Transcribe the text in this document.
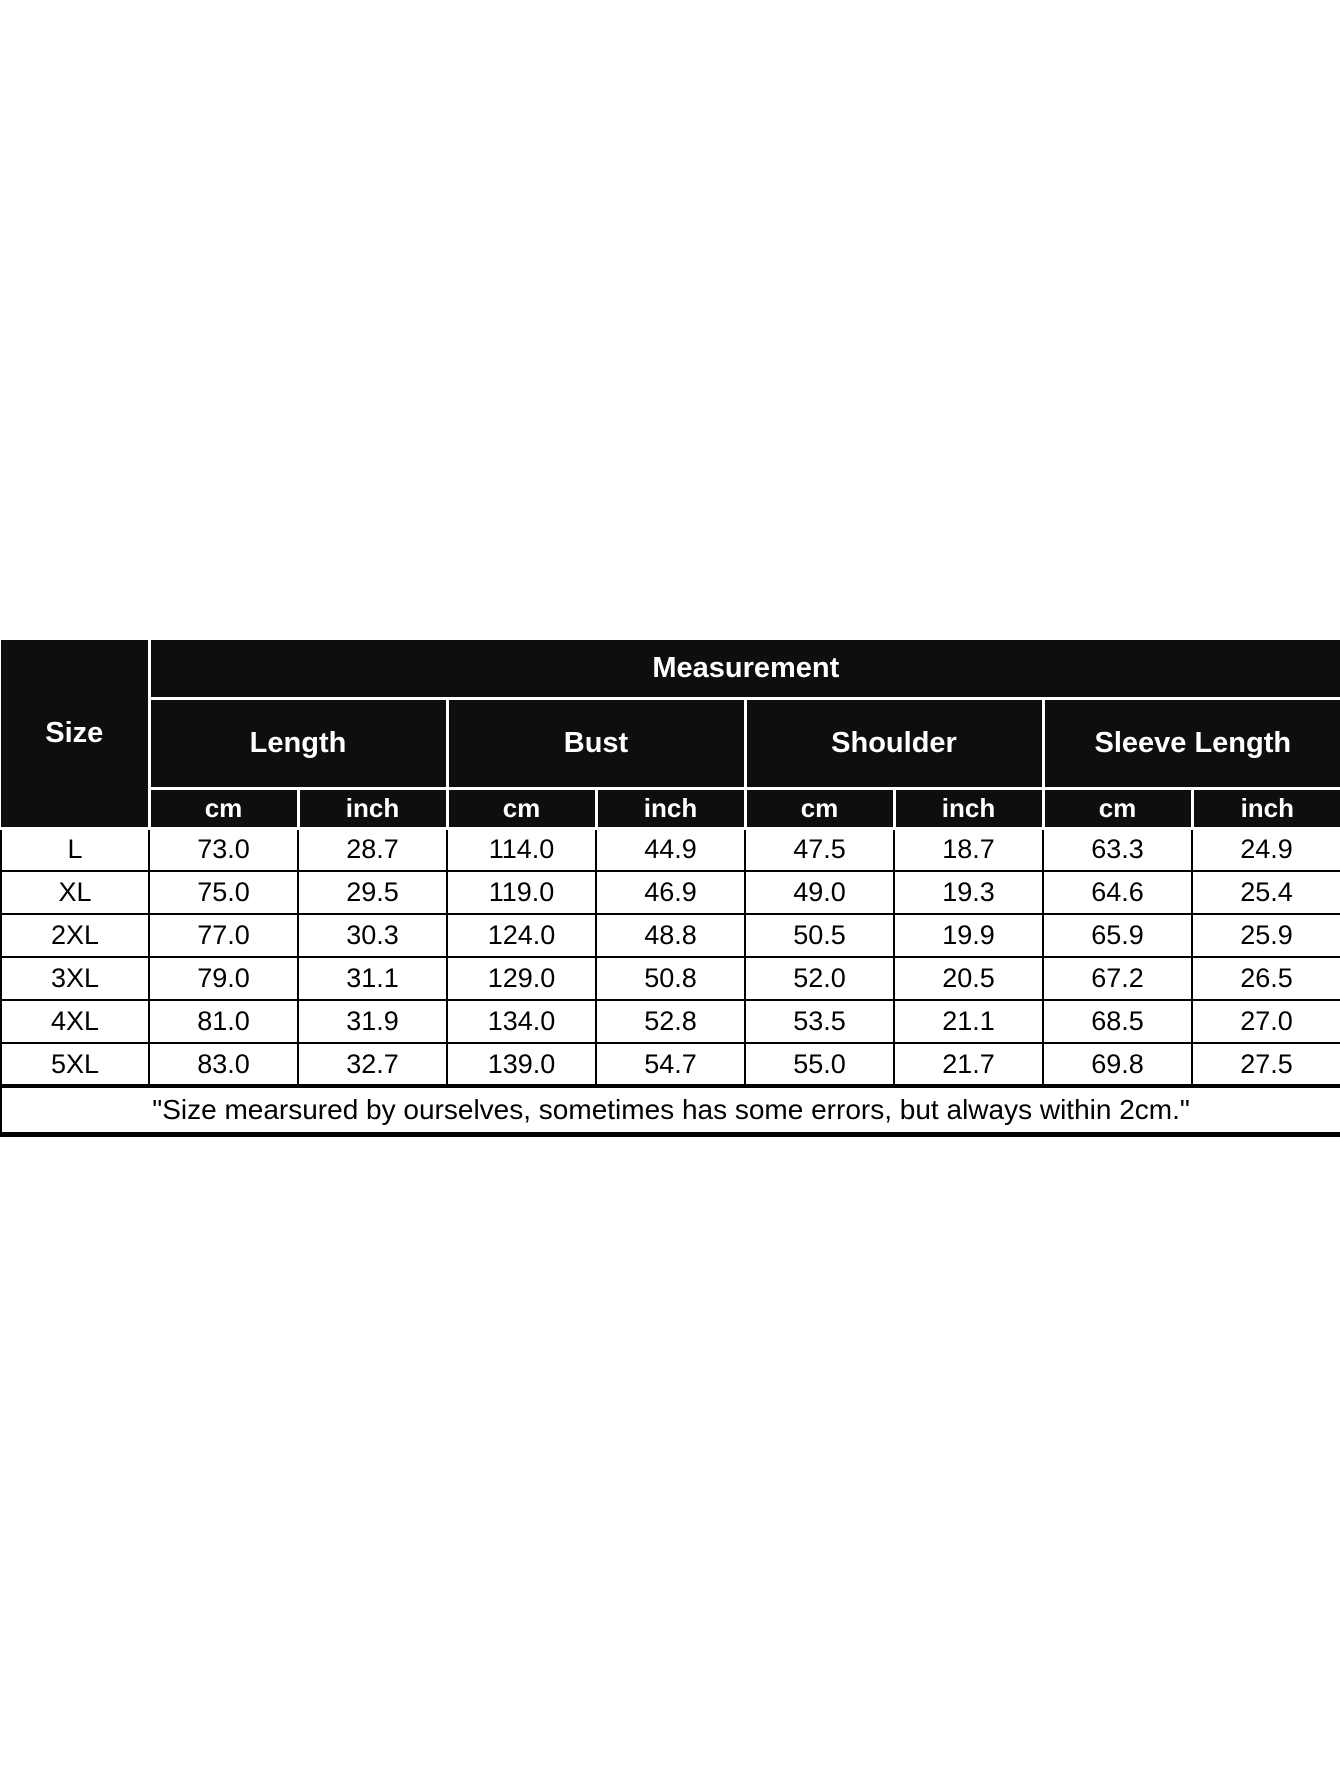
Size	Measurement							
	Length		Bust		Shoulder		Sleeve Length	
	cm	inch	cm	inch	cm	inch	cm	inch
L	73.0	28.7	114.0	44.9	47.5	18.7	63.3	24.9
XL	75.0	29.5	119.0	46.9	49.0	19.3	64.6	25.4
2XL	77.0	30.3	124.0	48.8	50.5	19.9	65.9	25.9
3XL	79.0	31.1	129.0	50.8	52.0	20.5	67.2	26.5
4XL	81.0	31.9	134.0	52.8	53.5	21.1	68.5	27.0
5XL	83.0	32.7	139.0	54.7	55.0	21.7	69.8	27.5
"Size mearsured by ourselves, sometimes has some errors, but always within 2cm."								
